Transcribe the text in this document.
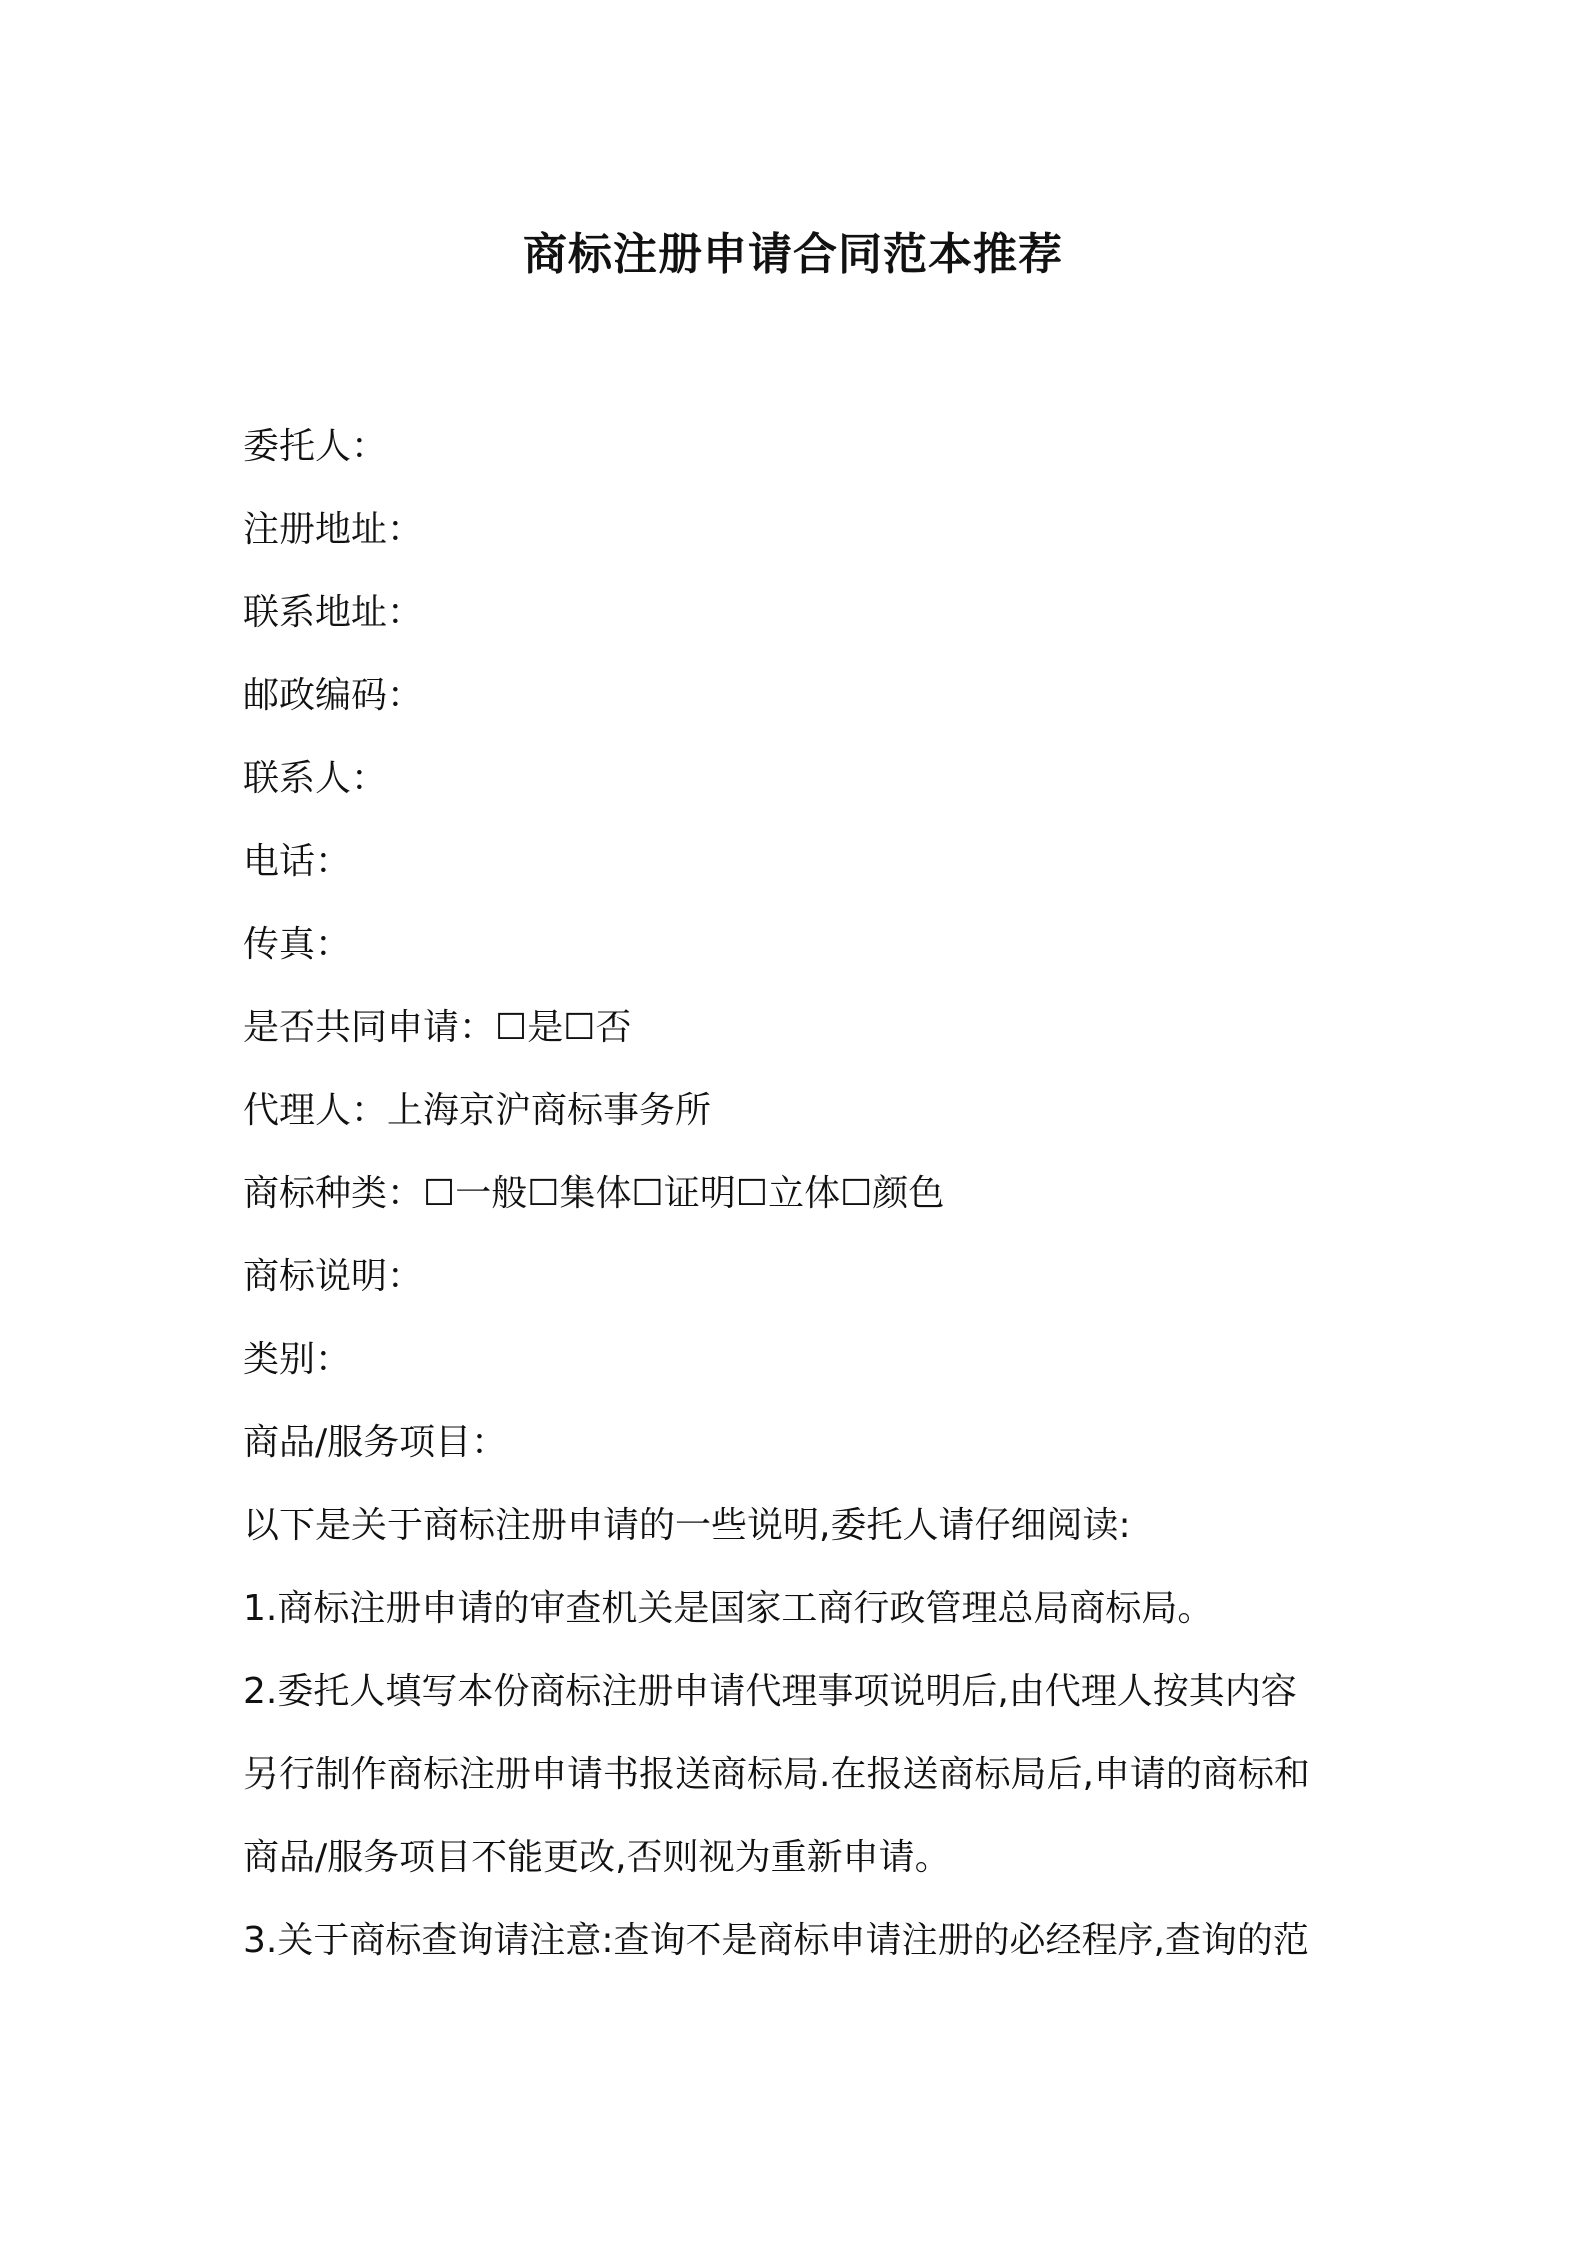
商标注册申请合同范本推荐
委托人：
注册地址：
联系地址：
邮政编码：
联系人：
电话：
传真：
是否共同申请：☐是☐否
代理人：上海京沪商标事务所
商标种类：☐一般☐集体☐证明☐立体☐颜色
商标说明：
类别：
商品/服务项目：
以下是关于商标注册申请的一些说明,委托人请仔细阅读:
1.商标注册申请的审查机关是国家工商行政管理总局商标局。
2.委托人填写本份商标注册申请代理事项说明后,由代理人按其内容
另行制作商标注册申请书报送商标局.在报送商标局后,申请的商标和
商品/服务项目不能更改,否则视为重新申请。
3.关于商标查询请注意:查询不是商标申请注册的必经程序,查询的范
